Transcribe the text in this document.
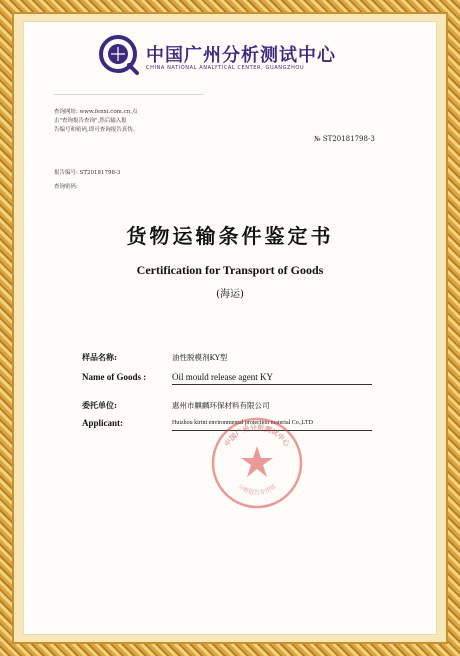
中国广州分析测试中心
CHINA NATIONAL ANALYTICAL CENTER, GUANGZHOU
查询网址: www.fenxi.com.cn,点
击"查询报告查询",然后输入报
告编号和密码,即可查询报告真伪。
№ ST20181798-3
报告编号: ST20181798-3
查询密码:
货物运输条件鉴定书
Certification for Transport of Goods
(海运)
样品名称:	油性脱模剂KY型
Name of Goods :	Oil mould release agent KY
委托单位:	惠州市麒麟环保材料有限公司
Applicant:	Huizhou kirint environmental protection material Co.,LTD
中国广州分析测试中心
分析报告专用章
